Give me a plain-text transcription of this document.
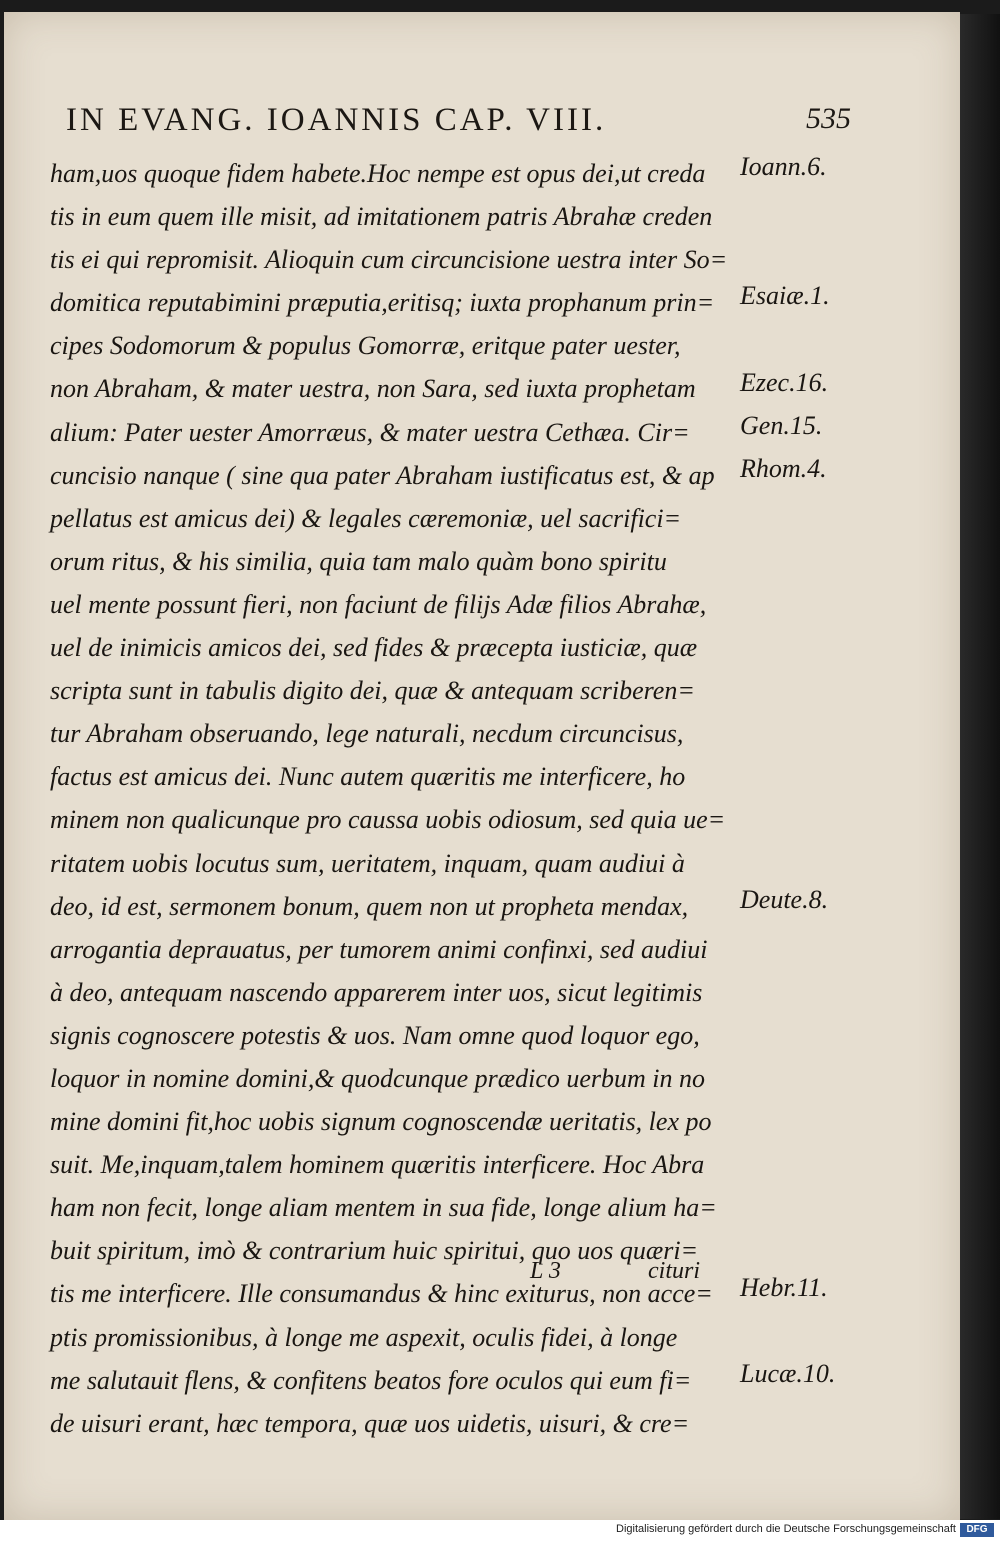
IN EVANG. IOANNIS CAP. VIII.	535
ham,uos quoque fidem habete.Hoc nempe est opus dei,ut creda
tis in eum quem ille misit, ad imitationem patris Abrahæ creden
tis ei qui repromisit. Alioquin cum circuncisione uestra inter So=
domitica reputabimini præputia,eritisq; iuxta prophanum prin=
cipes Sodomorum & populus Gomorræ, eritque pater uester,
non Abraham, & mater uestra, non Sara, sed iuxta prophetam
alium: Pater uester Amorræus, & mater uestra Cethæa. Cir=
cuncisio nanque ( sine qua pater Abraham iustificatus est, & ap
pellatus est amicus dei) & legales cæremoniæ, uel sacrifici=
orum ritus, & his similia, quia tam malo quàm bono spiritu
uel mente possunt fieri, non faciunt de filijs Adæ filios Abrahæ,
uel de inimicis amicos dei, sed fides & præcepta iusticiæ, quæ
scripta sunt in tabulis digito dei, quæ & antequam scriberen=
tur Abraham obseruando, lege naturali, necdum circuncisus,
factus est amicus dei. Nunc autem quæritis me interficere, ho
minem non qualicunque pro caussa uobis odiosum, sed quia ue=
ritatem uobis locutus sum, ueritatem, inquam, quam audiui à
deo, id est, sermonem bonum, quem non ut propheta mendax,
arrogantia deprauatus, per tumorem animi confinxi, sed audiui
à deo, antequam nascendo apparerem inter uos, sicut legitimis
signis cognoscere potestis & uos. Nam omne quod loquor ego,
loquor in nomine domini,& quodcunque prædico uerbum in no
mine domini fit,hoc uobis signum cognoscendæ ueritatis, lex po
suit. Me,inquam,talem hominem quæritis interficere. Hoc Abra
ham non fecit, longe aliam mentem in sua fide, longe alium ha=
buit spiritum, imò & contrarium huic spiritui, quo uos quæri=
tis me interficere. Ille consumandus & hinc exiturus, non acce=
ptis promissionibus, à longe me aspexit, oculis fidei, à longe
me salutauit flens, & confitens beatos fore oculos qui eum fi=
de uisuri erant, hæc tempora, quæ uos uidetis, uisuri, & cre=
Ioann.6.
Esaiæ.1.
Ezec.16.
Gen.15.
Rhom.4.
Deute.8.
Hebr.11.
Lucæ.10.
L 3	cituri
Digitalisierung gefördert durch die Deutsche Forschungsgemeinschaft	DFG
